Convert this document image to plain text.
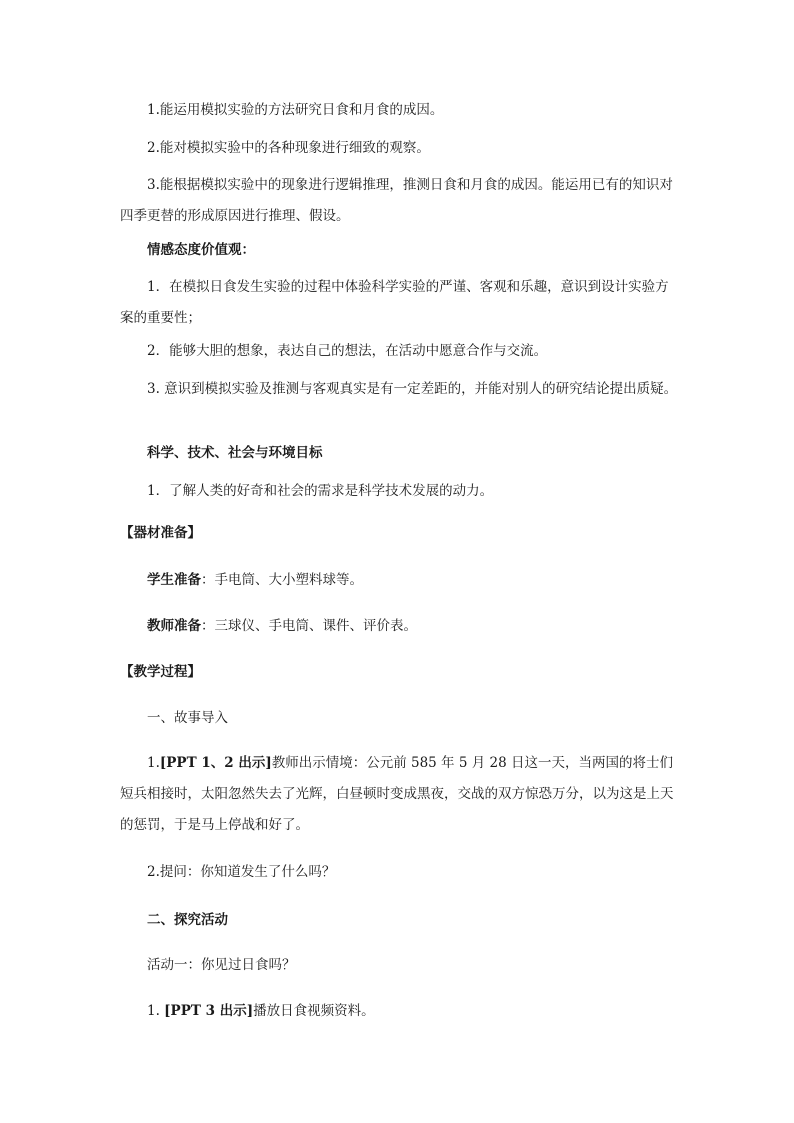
1.能运用模拟实验的方法研究日食和月食的成因。
2.能对模拟实验中的各种现象进行细致的观察。
3.能根据模拟实验中的现象进行逻辑推理，推测日食和月食的成因。能运用已有的知识对四季更替的形成原因进行推理、假设。
情感态度价值观：
1．在模拟日食发生实验的过程中体验科学实验的严谨、客观和乐趣，意识到设计实验方案的重要性；
2．能够大胆的想象，表达自己的想法，在活动中愿意合作与交流。
3. 意识到模拟实验及推测与客观真实是有一定差距的，并能对别人的研究结论提出质疑。
科学、技术、社会与环境目标
1．了解人类的好奇和社会的需求是科学技术发展的动力。
【器材准备】
学生准备：手电筒、大小塑料球等。
教师准备：三球仪、手电筒、课件、评价表。
【教学过程】
一、故事导入
1.[PPT 1、2 出示]教师出示情境：公元前 585 年 5 月 28 日这一天，当两国的将士们短兵相接时，太阳忽然失去了光辉，白昼顿时变成黑夜，交战的双方惊恐万分，以为这是上天的惩罚，于是马上停战和好了。
2.提问：你知道发生了什么吗？
二、探究活动
活动一：你见过日食吗？
1. [PPT 3 出示]播放日食视频资料。
